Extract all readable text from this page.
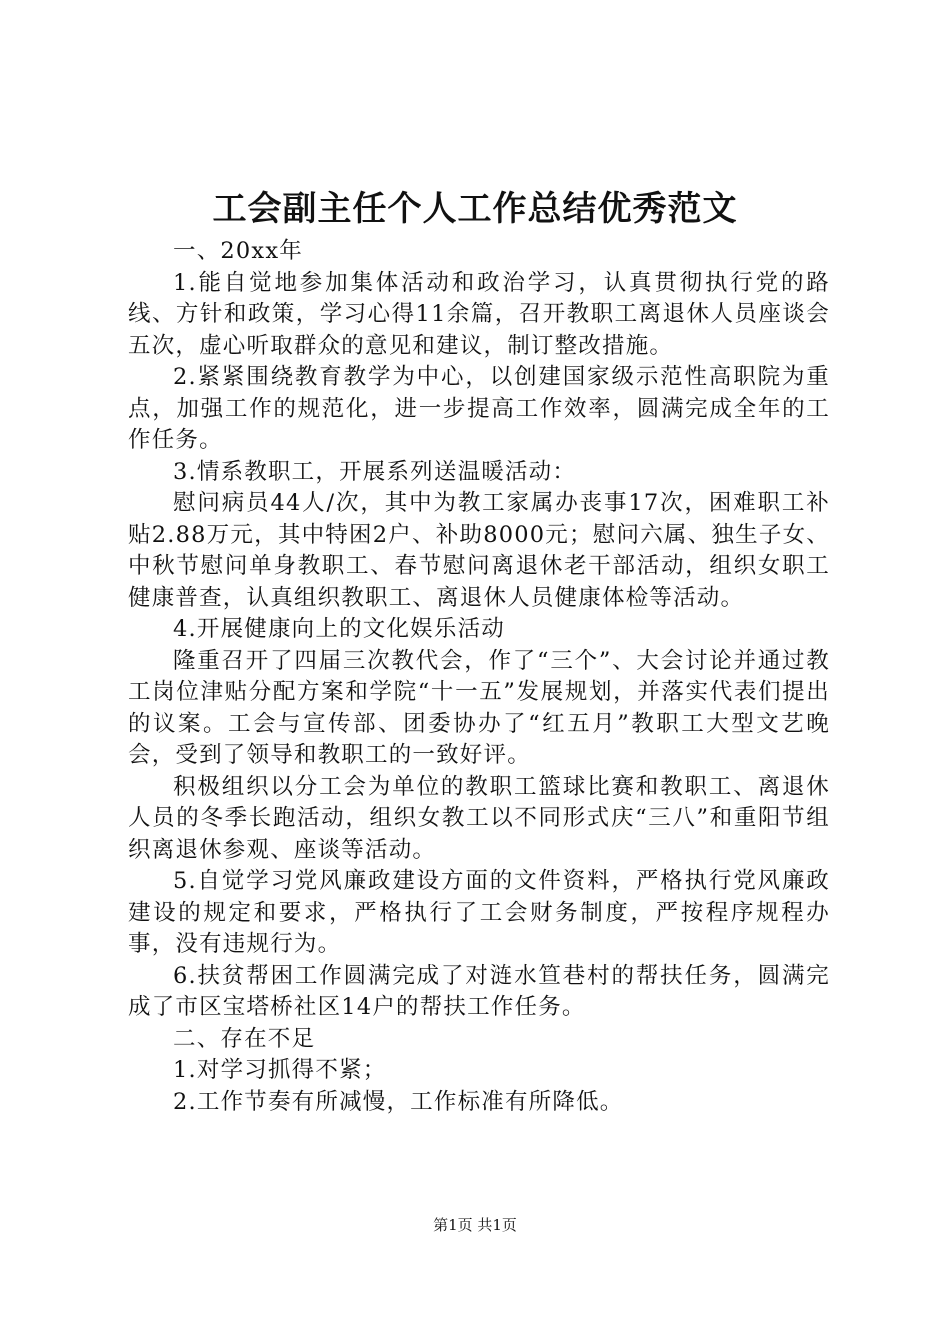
工会副主任个人工作总结优秀范文

一、20xx年

1.能自觉地参加集体活动和政治学习，认真贯彻执行党的路线、方针和政策，学习心得11余篇，召开教职工离退休人员座谈会五次，虚心听取群众的意见和建议，制订整改措施。

2.紧紧围绕教育教学为中心，以创建国家级示范性高职院为重点，加强工作的规范化，进一步提高工作效率，圆满完成全年的工作任务。

3.情系教职工，开展系列送温暖活动：

慰问病员44人/次，其中为教工家属办丧事17次，困难职工补贴2.88万元，其中特困2户、补助8000元；慰问六属、独生子女、中秋节慰问单身教职工、春节慰问离退休老干部活动，组织女职工健康普查，认真组织教职工、离退休人员健康体检等活动。

4.开展健康向上的文化娱乐活动

隆重召开了四届三次教代会，作了“三个”、大会讨论并通过教工岗位津贴分配方案和学院“十一五”发展规划，并落实代表们提出的议案。工会与宣传部、团委协办了“红五月”教职工大型文艺晚会，受到了领导和教职工的一致好评。

积极组织以分工会为单位的教职工篮球比赛和教职工、离退休人员的冬季长跑活动，组织女教工以不同形式庆“三八”和重阳节组织离退休参观、座谈等活动。

5.自觉学习党风廉政建设方面的文件资料，严格执行党风廉政建设的规定和要求，严格执行了工会财务制度，严按程序规程办事，没有违规行为。

6.扶贫帮困工作圆满完成了对涟水笪巷村的帮扶任务，圆满完成了市区宝塔桥社区14户的帮扶工作任务。

二、存在不足

1.对学习抓得不紧；

2.工作节奏有所减慢，工作标准有所降低。

第1页 共1页
